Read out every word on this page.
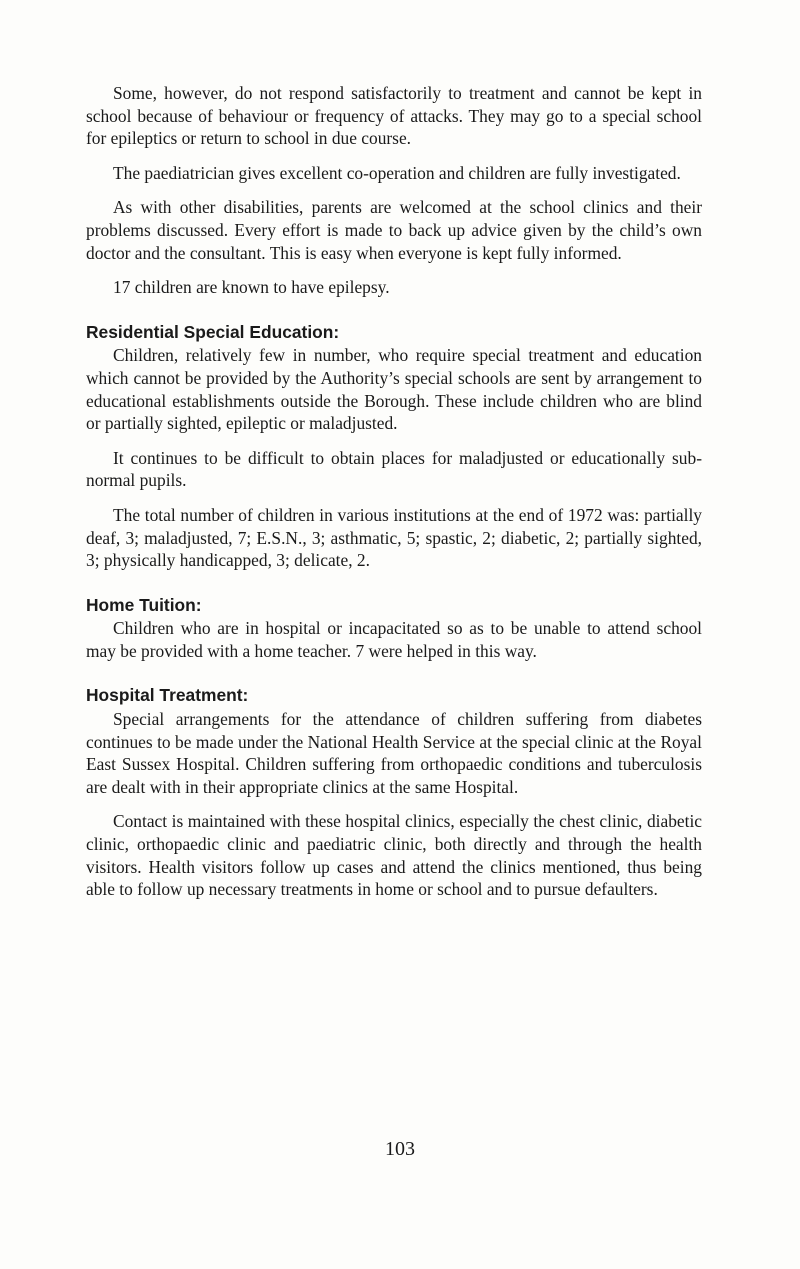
Some, however, do not respond satisfactorily to treatment and cannot be kept in school because of behaviour or frequency of attacks. They may go to a special school for epileptics or return to school in due course.

The paediatrician gives excellent co-operation and children are fully investigated.

As with other disabilities, parents are welcomed at the school clinics and their problems discussed. Every effort is made to back up advice given by the child’s own doctor and the consultant. This is easy when everyone is kept fully informed.

17 children are known to have epilepsy.

Residential Special Education:

Children, relatively few in number, who require special treatment and education which cannot be provided by the Authority’s special schools are sent by arrangement to educational establishments outside the Borough. These include children who are blind or partially sighted, epileptic or maladjusted.

It continues to be difficult to obtain places for maladjusted or educationally sub-normal pupils.

The total number of children in various institutions at the end of 1972 was: partially deaf, 3; maladjusted, 7; E.S.N., 3; asthmatic, 5; spastic, 2; diabetic, 2; partially sighted, 3; physically handicapped, 3; delicate, 2.

Home Tuition:

Children who are in hospital or incapacitated so as to be unable to attend school may be provided with a home teacher. 7 were helped in this way.

Hospital Treatment:

Special arrangements for the attendance of children suffering from diabetes continues to be made under the National Health Service at the special clinic at the Royal East Sussex Hospital. Children suffering from orthopaedic conditions and tuberculosis are dealt with in their appropriate clinics at the same Hospital.

Contact is maintained with these hospital clinics, especially the chest clinic, diabetic clinic, orthopaedic clinic and paediatric clinic, both directly and through the health visitors. Health visitors follow up cases and attend the clinics mentioned, thus being able to follow up necessary treatments in home or school and to pursue defaulters.

103
